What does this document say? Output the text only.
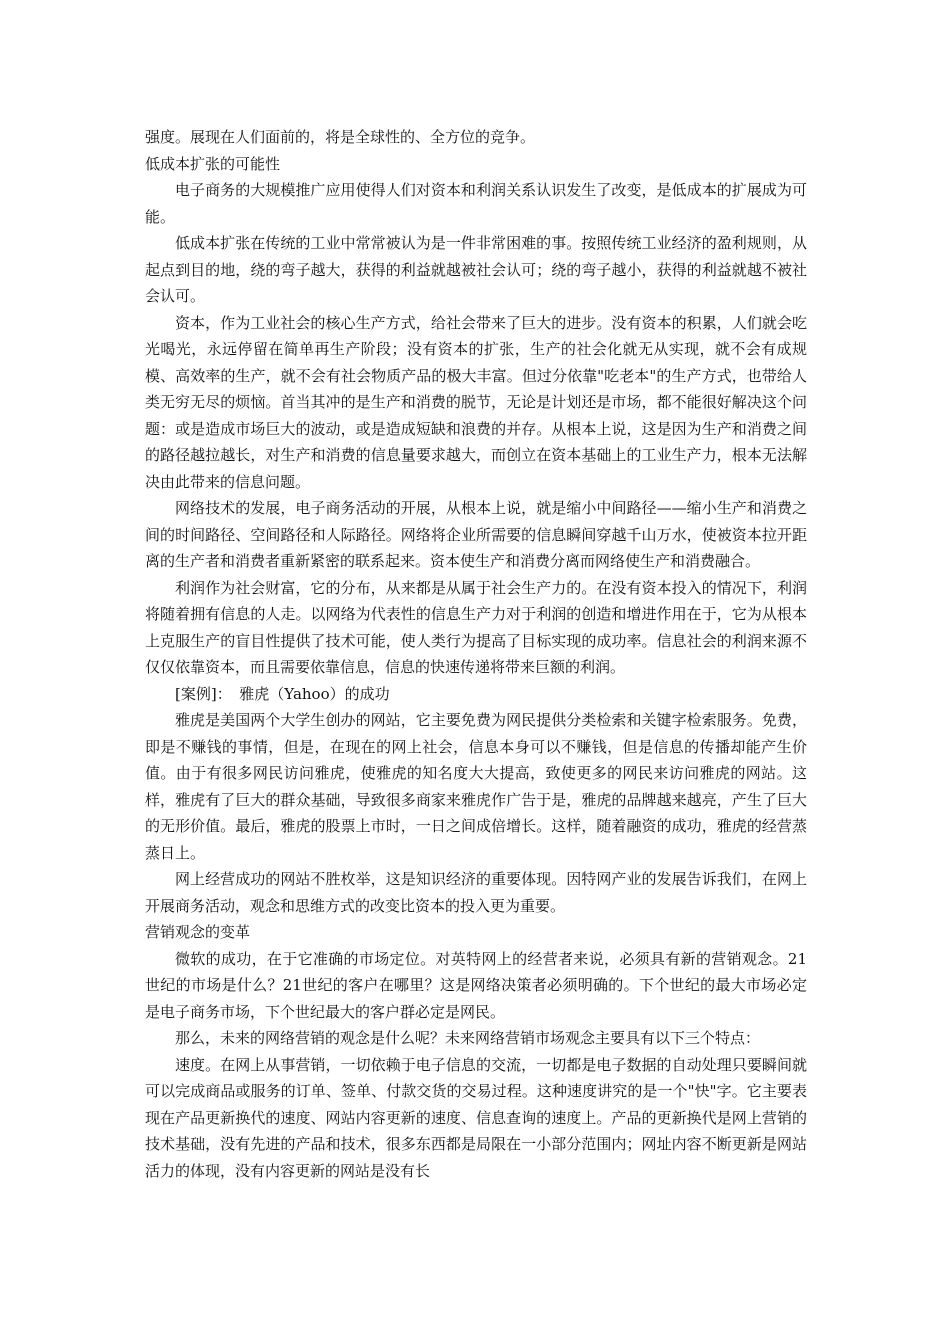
强度。展现在人们面前的，将是全球性的、全方位的竞争。

低成本扩张的可能性

电子商务的大规模推广应用使得人们对资本和利润关系认识发生了改变，是低成本的扩展成为可能。

低成本扩张在传统的工业中常常被认为是一件非常困难的事。按照传统工业经济的盈利规则，从起点到目的地，绕的弯子越大，获得的利益就越被社会认可；绕的弯子越小，获得的利益就越不被社会认可。

资本，作为工业社会的核心生产方式，给社会带来了巨大的进步。没有资本的积累，人们就会吃光喝光，永远停留在简单再生产阶段；没有资本的扩张，生产的社会化就无从实现，就不会有成规模、高效率的生产，就不会有社会物质产品的极大丰富。但过分依靠"吃老本"的生产方式，也带给人类无穷无尽的烦恼。首当其冲的是生产和消费的脱节，无论是计划还是市场，都不能很好解决这个问题：或是造成市场巨大的波动，或是造成短缺和浪费的并存。从根本上说，这是因为生产和消费之间的路径越拉越长，对生产和消费的信息量要求越大，而创立在资本基础上的工业生产力，根本无法解决由此带来的信息问题。

网络技术的发展，电子商务活动的开展，从根本上说，就是缩小中间路径——缩小生产和消费之间的时间路径、空间路径和人际路径。网络将企业所需要的信息瞬间穿越千山万水，使被资本拉开距离的生产者和消费者重新紧密的联系起来。资本使生产和消费分离而网络使生产和消费融合。

利润作为社会财富，它的分布，从来都是从属于社会生产力的。在没有资本投入的情况下，利润将随着拥有信息的人走。以网络为代表性的信息生产力对于利润的创造和增进作用在于，它为从根本上克服生产的盲目性提供了技术可能，使人类行为提高了目标实现的成功率。信息社会的利润来源不仅仅依靠资本，而且需要依靠信息，信息的快速传递将带来巨额的利润。

[案例]：　雅虎（Yahoo）的成功

雅虎是美国两个大学生创办的网站，它主要免费为网民提供分类检索和关键字检索服务。免费，即是不赚钱的事情，但是，在现在的网上社会，信息本身可以不赚钱，但是信息的传播却能产生价值。由于有很多网民访问雅虎，使雅虎的知名度大大提高，致使更多的网民来访问雅虎的网站。这样，雅虎有了巨大的群众基础，导致很多商家来雅虎作广告于是，雅虎的品牌越来越亮，产生了巨大的无形价值。最后，雅虎的股票上市时，一日之间成倍增长。这样，随着融资的成功，雅虎的经营蒸蒸日上。

网上经营成功的网站不胜枚举，这是知识经济的重要体现。因特网产业的发展告诉我们，在网上开展商务活动，观念和思维方式的改变比资本的投入更为重要。

营销观念的变革

微软的成功，在于它准确的市场定位。对英特网上的经营者来说，必须具有新的营销观念。21世纪的市场是什么？21世纪的客户在哪里？这是网络决策者必须明确的。下个世纪的最大市场必定是电子商务市场，下个世纪最大的客户群必定是网民。

那么，未来的网络营销的观念是什么呢？未来网络营销市场观念主要具有以下三个特点：

速度。在网上从事营销，一切依赖于电子信息的交流，一切都是电子数据的自动处理只要瞬间就可以完成商品或服务的订单、签单、付款交货的交易过程。这种速度讲究的是一个"快"字。它主要表现在产品更新换代的速度、网站内容更新的速度、信息查询的速度上。产品的更新换代是网上营销的技术基础，没有先进的产品和技术，很多东西都是局限在一小部分范围内；网址内容不断更新是网站活力的体现，没有内容更新的网站是没有长
